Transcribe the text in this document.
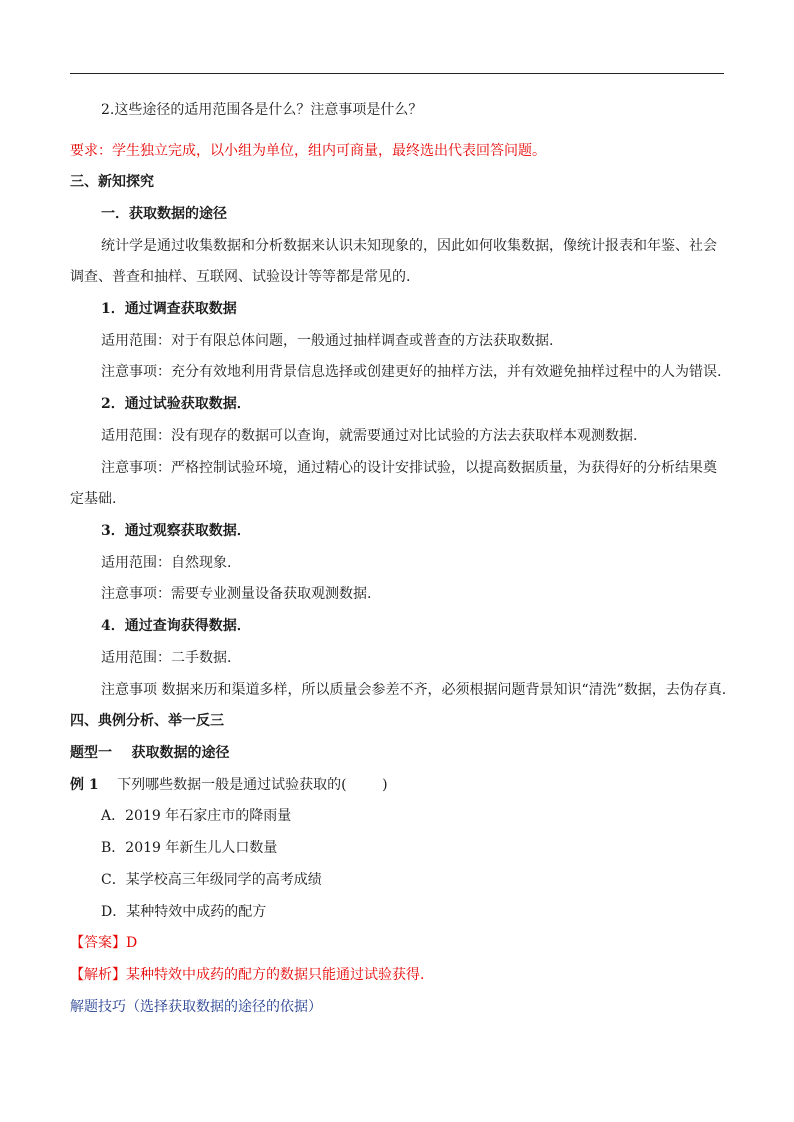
2.这些途径的适用范围各是什么？注意事项是什么？
要求：学生独立完成，以小组为单位，组内可商量，最终选出代表回答问题。
三、新知探究
一．获取数据的途径
统计学是通过收集数据和分析数据来认识未知现象的，因此如何收集数据，像统计报表和年鉴、社会
调查、普查和抽样、互联网、试验设计等等都是常见的.
1．通过调查获取数据
适用范围：对于有限总体问题，一般通过抽样调查或普查的方法获取数据.
注意事项：充分有效地利用背景信息选择或创建更好的抽样方法，并有效避免抽样过程中的人为错误.
2．通过试验获取数据．
适用范围：没有现存的数据可以查询，就需要通过对比试验的方法去获取样本观测数据.
注意事项：严格控制试验环境，通过精心的设计安排试验，以提高数据质量，为获得好的分析结果奠
定基础.
3．通过观察获取数据．
适用范围：自然现象.
注意事项：需要专业测量设备获取观测数据.
4．通过查询获得数据．
适用范围：二手数据.
注意事项 数据来历和渠道多样，所以质量会参差不齐，必须根据问题背景知识“清洗”数据，去伪存真.
四、典例分析、举一反三
题型一    获取数据的途径
例 1 下列哪些数据一般是通过试验获取的(        )
A．2019 年石家庄市的降雨量
B．2019 年新生儿人口数量
C．某学校高三年级同学的高考成绩
D．某种特效中成药的配方
【答案】D
【解析】某种特效中成药的配方的数据只能通过试验获得.
解题技巧（选择获取数据的途径的依据）
